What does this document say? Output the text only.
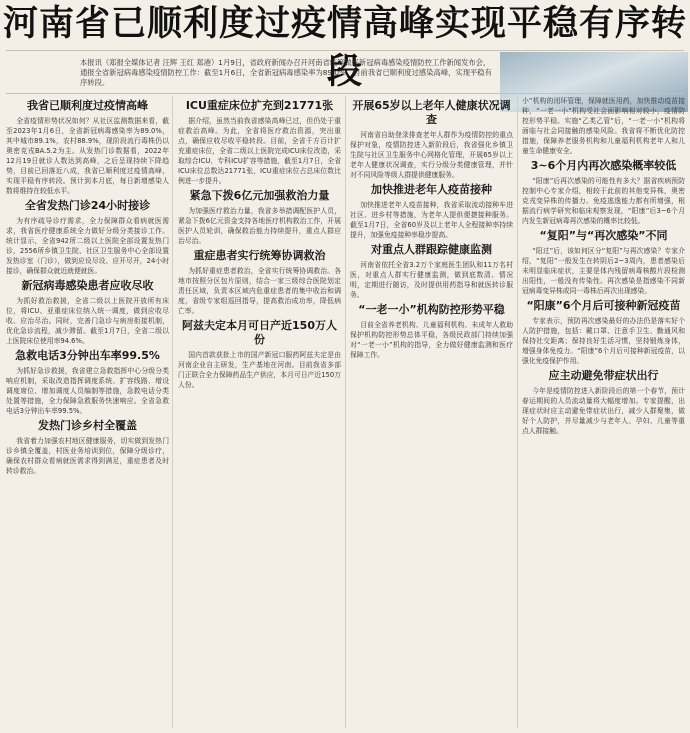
河南省已顺利度过疫情高峰实现平稳有序转段

本报讯（郑报全媒体记者 汪辉 王红 郑港）1月9日，省政府新闻办召开河南省统筹做好新冠病毒感染疫情防控工作新闻发布会，通报全省新冠病毒感染疫情防控工作：截至1月6日，全省新冠病毒感染率为89.0%，目前我省已顺利度过感染高峰，实现平稳有序转段。

我省已顺利度过疫情高峰

全省疫情形势状况如何？从社区监测数据来看，截至2023年1月6日，全省新冠病毒感染率为89.0%，其中城市89.1%，农村88.9%，现阶段流行毒株仍以奥密克戎BA.5.2为主。从发热门诊数据看，2022年12月19日就诊人数达到高峰，之后呈现持续下降趋势，目前已回落近八成，我省已顺利度过疫情高峰，实现平稳有序转段。预计到本月底，每日新增感染人数将维持在较低水平。

全省发热门诊24小时接诊

为有序疏导诊疗需求，全力保障群众看病就医需求，我省医疗健康系统全力做好分级分类接诊工作。统计显示，全省942所二级以上医院全部设置发热门诊，2556所乡镇卫生院、社区卫生服务中心全部设置发热诊室（门诊），做到应设尽设、应开尽开，24小时接诊，确保群众就近就便就医。

新冠病毒感染患者应收尽收

为抓好救治救援，全省二级以上医院开放所有床位，将ICU、亚重症床位纳入统一调度，做到应收尽收、应治尽治。同时，完善门急诊与病房衔接机制，优化急诊流程，减少滞留。截至1月7日，全省二级以上医院床位使用率94.6%。

急救电话3分钟出车率99.5%

为抓好急诊救援，我省建立急救指挥中心分级分类响应机制，采取改造指挥调度系统、扩容线路、增设调度席位、增加调度人员编制等措施，急救电话分类处置等措施，全力保障急救服务快速响应。全省急救电话3分钟出车率99.5%。

发热门诊乡村全覆盖

我省着力加强农村地区健康服务，切实做到发热门诊乡镇全覆盖，村医业务培训到位，保障分级诊疗，确保农村群众看病就医需求得到满足，重症患者及时转诊救治。

ICU重症床位扩充到21771张

据介绍，虽然当前我省感染高峰已过，但仍处于重症救治高峰。为此，全省将医疗救治资源，突出重点，确保应收尽收平稳转段。目前，全省千方百计扩充重症床位，全省二级以上医院完成ICU床位改造，采取综合ICU、专科ICU扩容等措施，截至1月7日，全省ICU床位总数达21771张，ICU重症床位占总床位数比例进一步提升。

紧急下拨6亿元加强救治力量

为加强医疗救治力量，我省多举措调配医护人员，紧急下拨6亿元资金支持各地医疗机构救治工作，开展医护人员轮训，确保救治能力持续提升，重点人群应治尽治。

重症患者实行统筹协调救治

为抓好重症患者救治，全省实行统筹协调救治。各地市按照分区包片原则，结合一家三级综合医院划定责任区域，负责本区域内危重症患者的集中收治和调度，省级专家组巡回指导，提高救治成功率，降低病亡率。

阿兹夫定本月可日产近150万人份

国内首款获批上市的国产新冠口服药阿兹夫定是由河南企业自主研发，生产基地在河南。目前我省多部门正联合全力保障药品生产供应，本月可日产近150万人份。

开展65岁以上老年人健康状况调查

河南省自助登录排查老年人群作为疫情防控的重点保护对象，疫情防控进入新阶段后，我省强化乡镇卫生院与社区卫生服务中心网格化管理，开展65岁以上老年人健康状况调查，实行分级分类健康管理，并针对不同风险等级人群提供健康服务。

加快推进老年人疫苗接种

加快推进老年人疫苗接种，我省采取流动接种车进社区、进乡村等措施，为老年人提供便捷接种服务。截至1月7日，全省60岁及以上老年人全程接种率持续提升，加强免疫接种率稳步提高。

对重点人群跟踪健康监测

河南省依托全省3.2万个家庭医生团队和11万名村医，对重点人群实行健康监测，做到底数清、情况明，定期进行随访，及时提供用药指导和就医转诊服务。

“一老一小”机构防控形势平稳

目前全省养老机构、儿童福利机构、未成年人救助保护机构防控形势总体平稳，各级民政部门持续加强对“一老一小”机构的指导，全力做好健康监测和医疗保障工作。

小”机构的闭环管理，保障就医用药，加快推动疫苗接种，“一老一小”机构受社会面影响相对较小，疫情防控形势平稳。实施“乙类乙管”后，“一老一小”机构将面临与社会同接触的感染风险。我省将不断优化防控措施，保障养老服务机构和儿童福利机构老年人和儿童生命健康安全。

3~6个月内再次感染概率较低

“阳康”后再次感染的可能性有多大？据省疾病预防控制中心专家介绍，相较于此前的其他变异株，奥密克戎变异株的传播力、免疫逃逸能力都有所增强，根据流行病学研究和临床观察发现，“阳康”后3~6个月内发生新冠病毒再次感染的概率比较低。

“复阳”与“再次感染”不同

“阳过”后，该如何区分“复阳”与再次感染？专家介绍，“复阳”一般发生在转阴后2~3周内，患者感染后未明显临床症状，主要是体内残留病毒核酸片段检测出阳性，一般没有传染性。再次感染是指感染不同新冠病毒变异株或同一毒株后再次出现感染。

“阳康”6个月后可接种新冠疫苗

专家表示，预防再次感染最好的办法仍是落实好个人防护措施，包括：戴口罩、注意手卫生、勤通风和保持社交距离；保持良好生活习惯，坚持锻炼身体，增强身体免疫力。“阳康”6个月后可接种新冠疫苗，以强化免疫保护作用。

应主动避免带症状出行

今年是疫情防控进入新阶段后的第一个春节，预计春运期间的人员流动量将大幅度增加。专家提醒，出现症状时应主动避免带症状出行，减少人群聚集，做好个人防护，并尽量减少与老年人、孕妇、儿童等重点人群接触。
